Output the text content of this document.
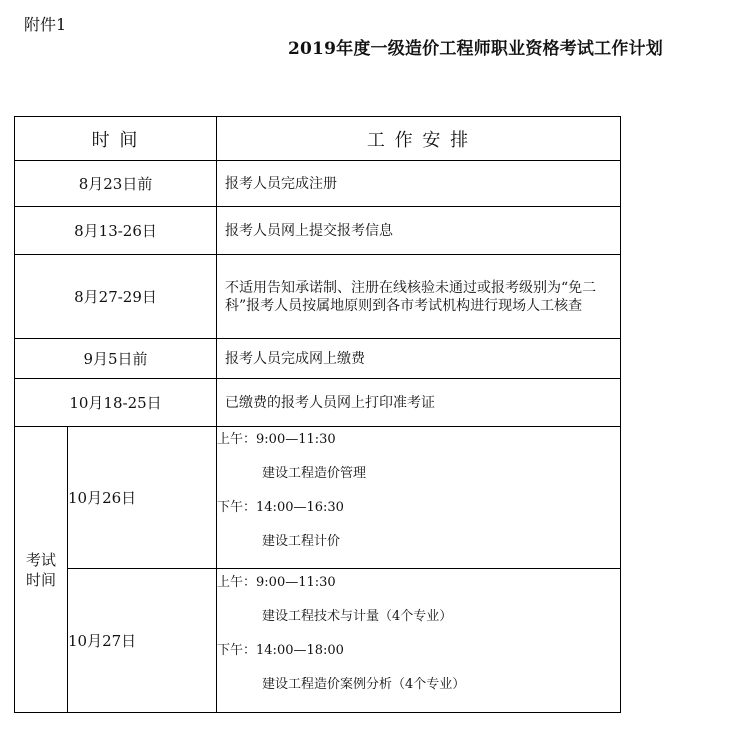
附件1
2019年度一级造价工程师职业资格考试工作计划
时 间		工 作 安 排
8月23日前		报考人员完成注册
8月13-26日		报考人员网上提交报考信息
8月27-29日		不适用告知承诺制、注册在线核验未通过或报考级别为“免二科”报考人员按属地原则到各市考试机构进行现场人工核查
9月5日前		报考人员完成网上缴费
10月18-25日		已缴费的报考人员网上打印准考证
考试
时间	10月26日	上午：9:00—11:30
建设工程造价管理
下午：14:00—16:30
建设工程计价

	10月27日	上午：9:00—11:30
建设工程技术与计量（4个专业）
下午：14:00—18:00
建设工程造价案例分析（4个专业）
